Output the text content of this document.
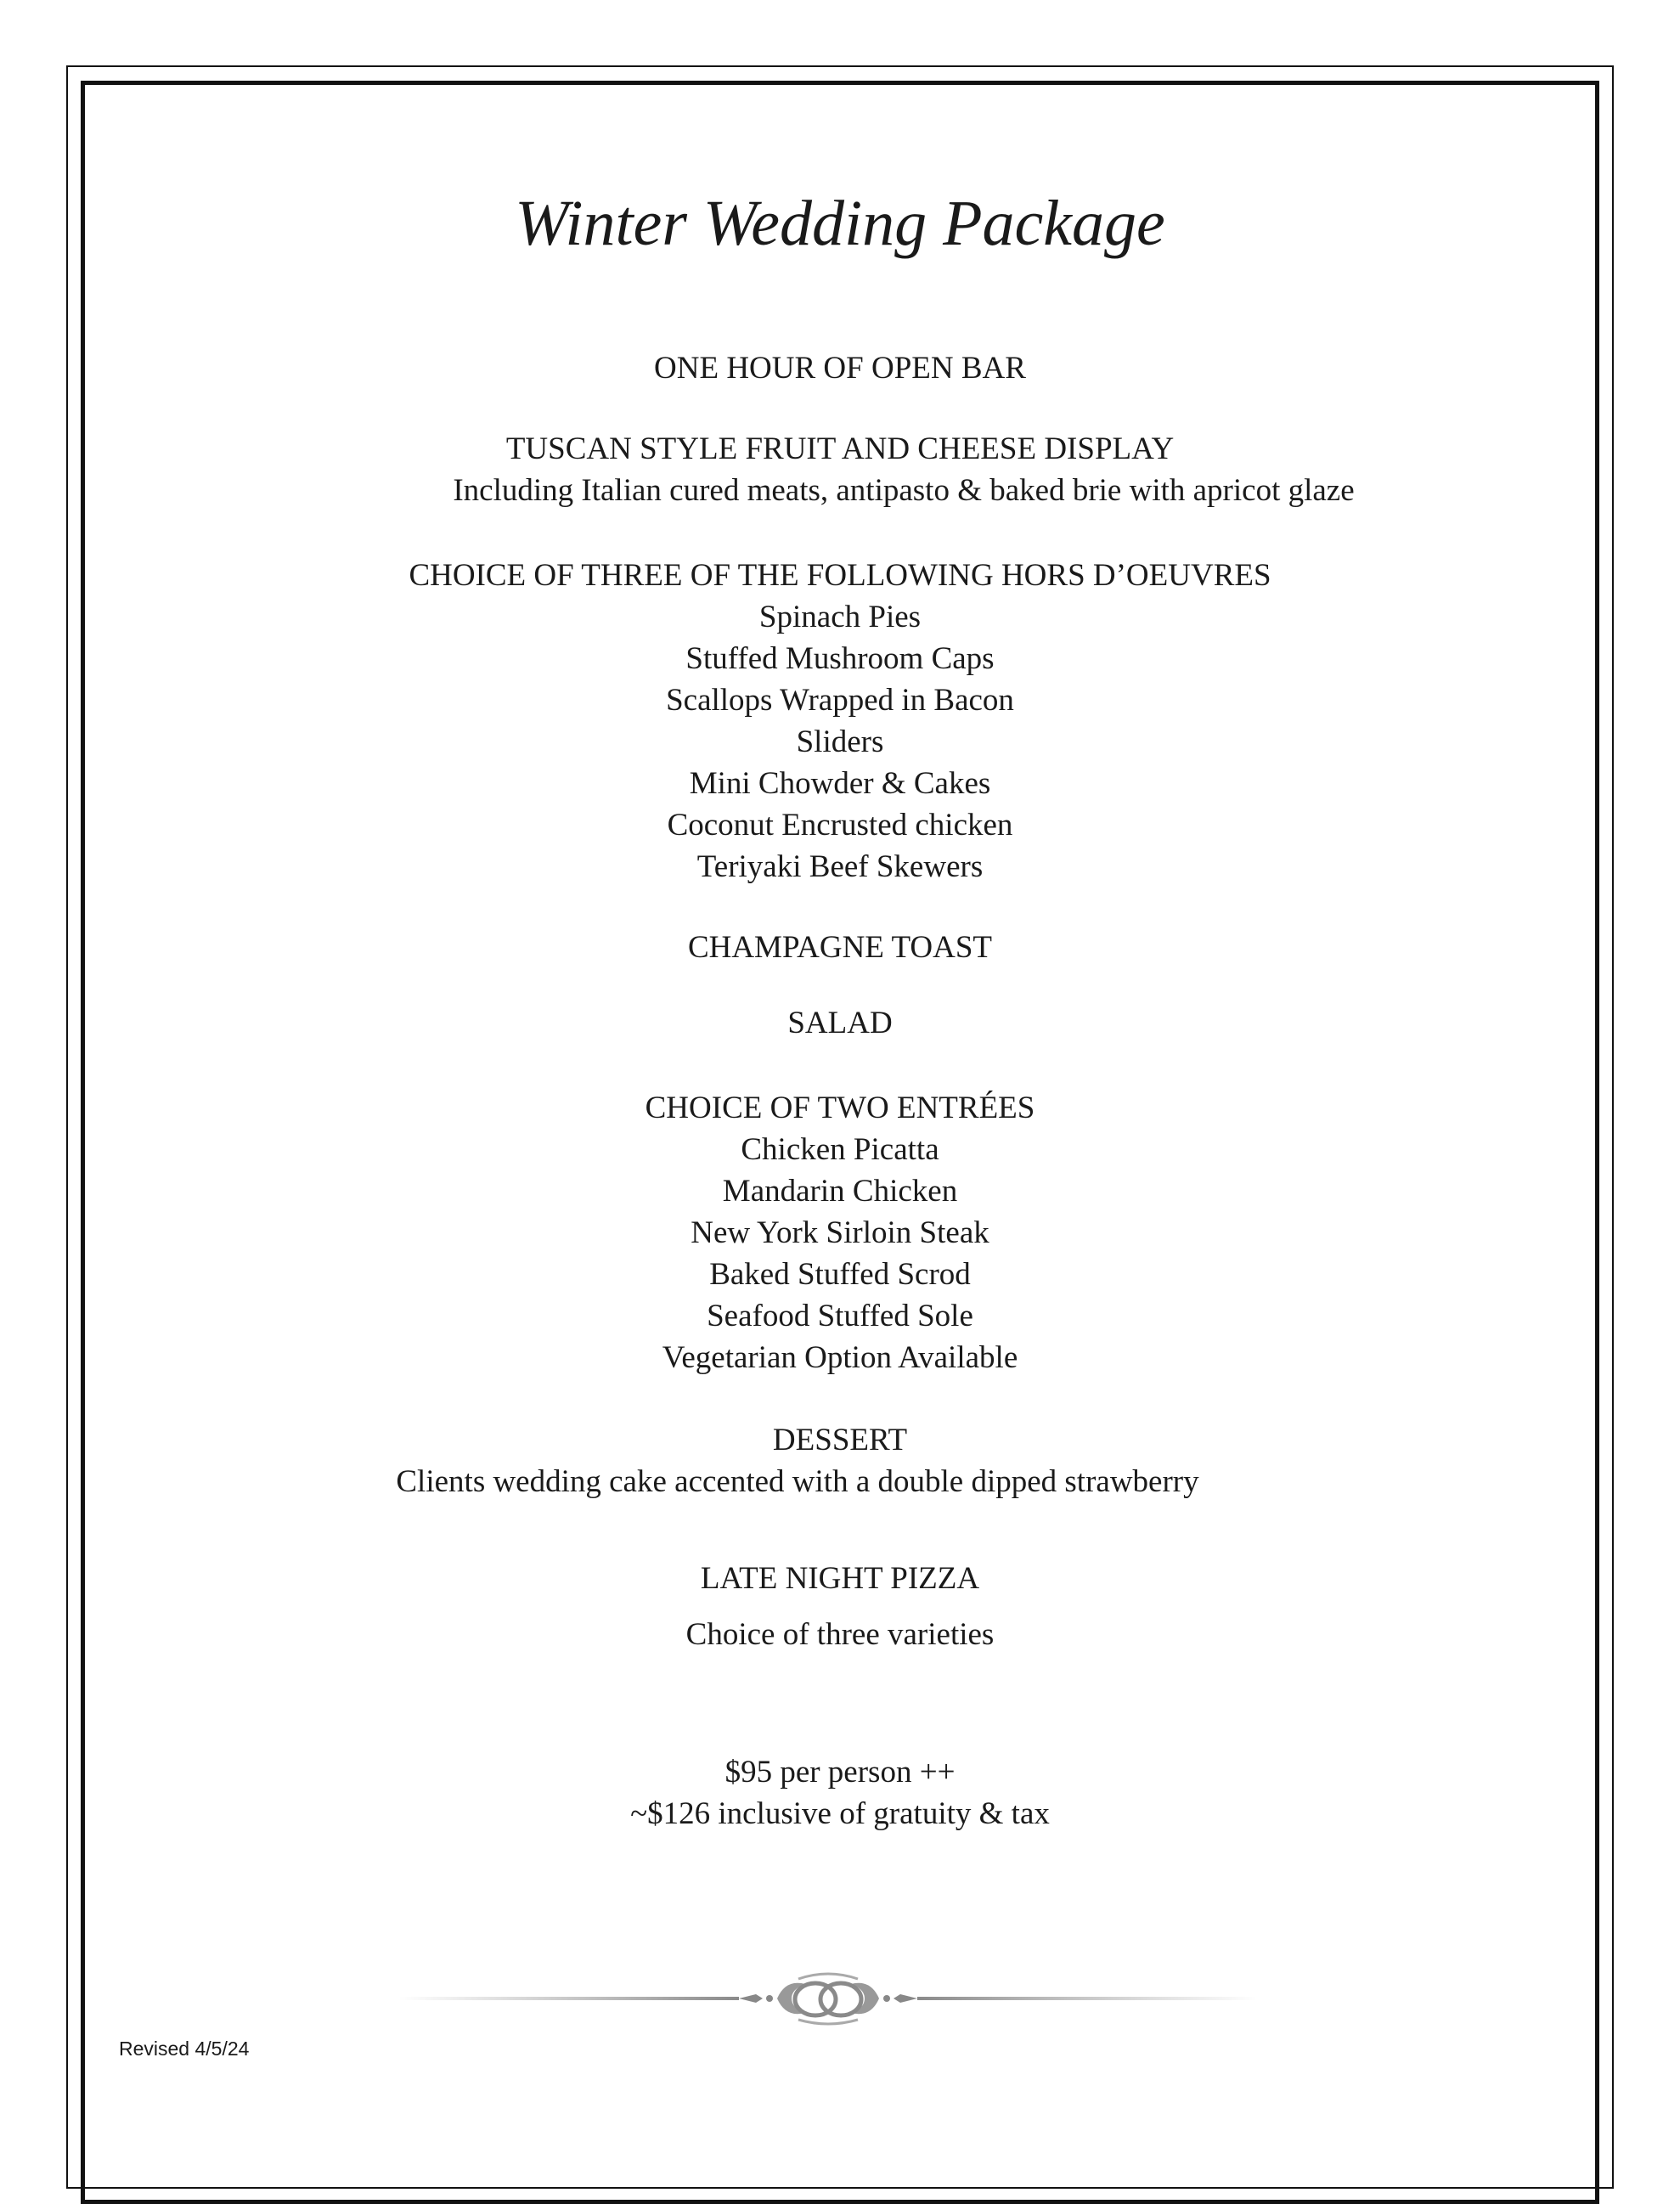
Winter Wedding Package
ONE HOUR OF OPEN BAR
TUSCAN STYLE FRUIT AND CHEESE DISPLAY
Including Italian cured meats, antipasto & baked brie with apricot glaze
CHOICE OF THREE OF THE FOLLOWING HORS D’OEUVRES
Spinach Pies
Stuffed Mushroom Caps
Scallops Wrapped in Bacon
Sliders
Mini Chowder & Cakes
Coconut Encrusted chicken
Teriyaki Beef Skewers
CHAMPAGNE TOAST
SALAD
CHOICE OF TWO ENTRÉES
Chicken Picatta
Mandarin Chicken
New York Sirloin Steak
Baked Stuffed Scrod
Seafood Stuffed Sole
Vegetarian Option Available
DESSERT
Clients wedding cake accented with a double dipped strawberry
LATE NIGHT PIZZA
Choice of three varieties
$95 per person ++
~$126 inclusive of gratuity & tax
Revised 4/5/24
